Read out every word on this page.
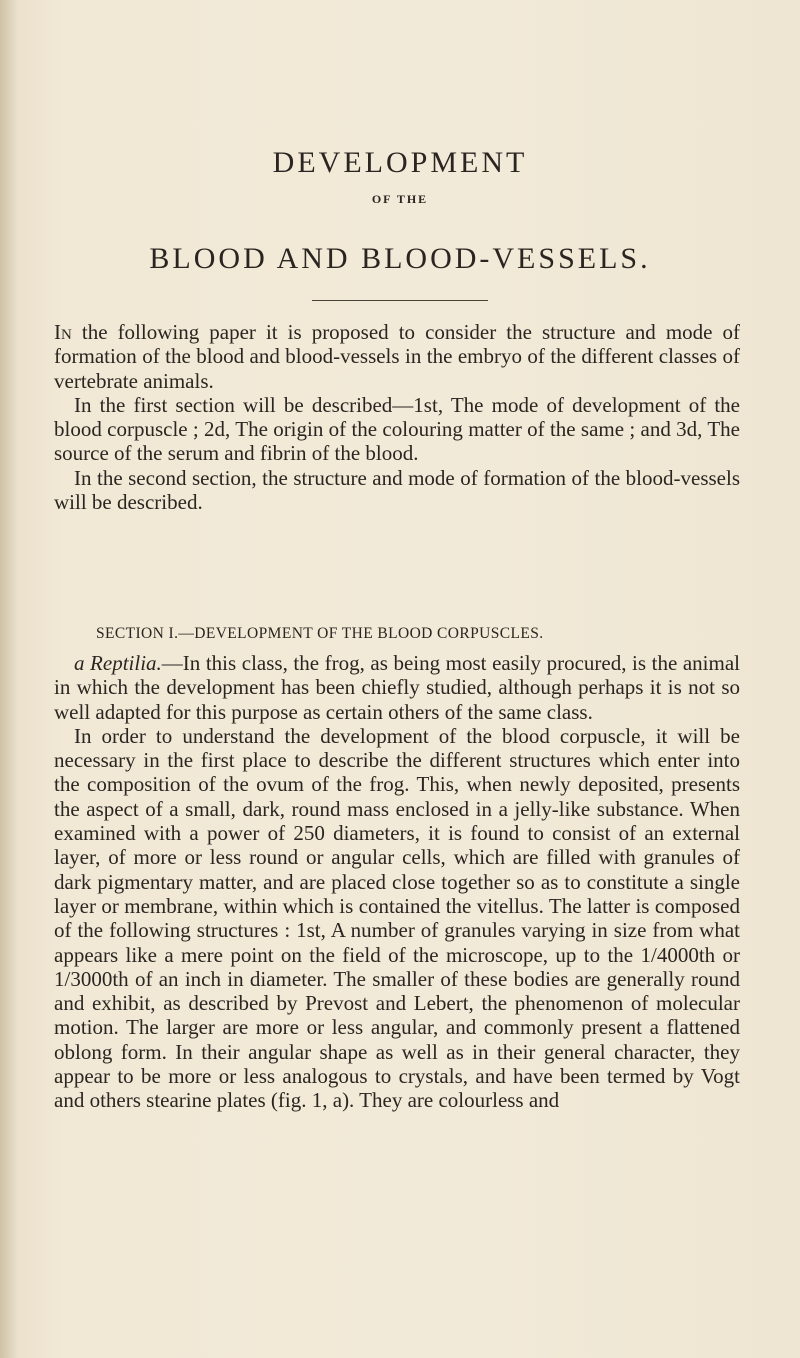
DEVELOPMENT
OF THE
BLOOD AND BLOOD-VESSELS.

In the following paper it is proposed to consider the structure and mode of formation of the blood and blood-vessels in the embryo of the different classes of vertebrate animals.

In the first section will be described—1st, The mode of development of the blood corpuscle ; 2d, The origin of the colouring matter of the same ; and 3d, The source of the serum and fibrin of the blood.

In the second section, the structure and mode of formation of the blood-vessels will be described.

SECTION I.—DEVELOPMENT OF THE BLOOD CORPUSCLES.

a Reptilia.—In this class, the frog, as being most easily procured, is the animal in which the development has been chiefly studied, although perhaps it is not so well adapted for this purpose as certain others of the same class.

In order to understand the development of the blood corpuscle, it will be necessary in the first place to describe the different structures which enter into the composition of the ovum of the frog. This, when newly deposited, presents the aspect of a small, dark, round mass enclosed in a jelly-like substance. When examined with a power of 250 diameters, it is found to consist of an external layer, of more or less round or angular cells, which are filled with granules of dark pigmentary matter, and are placed close together so as to constitute a single layer or membrane, within which is contained the vitellus. The latter is composed of the following structures : 1st, A number of granules varying in size from what appears like a mere point on the field of the microscope, up to the 1/4000th or 1/3000th of an inch in diameter. The smaller of these bodies are generally round and exhibit, as described by Prevost and Lebert, the phenomenon of molecular motion. The larger are more or less angular, and commonly present a flattened oblong form. In their angular shape as well as in their general character, they appear to be more or less analogous to crystals, and have been termed by Vogt and others stearine plates (fig. 1, a). They are colourless and
